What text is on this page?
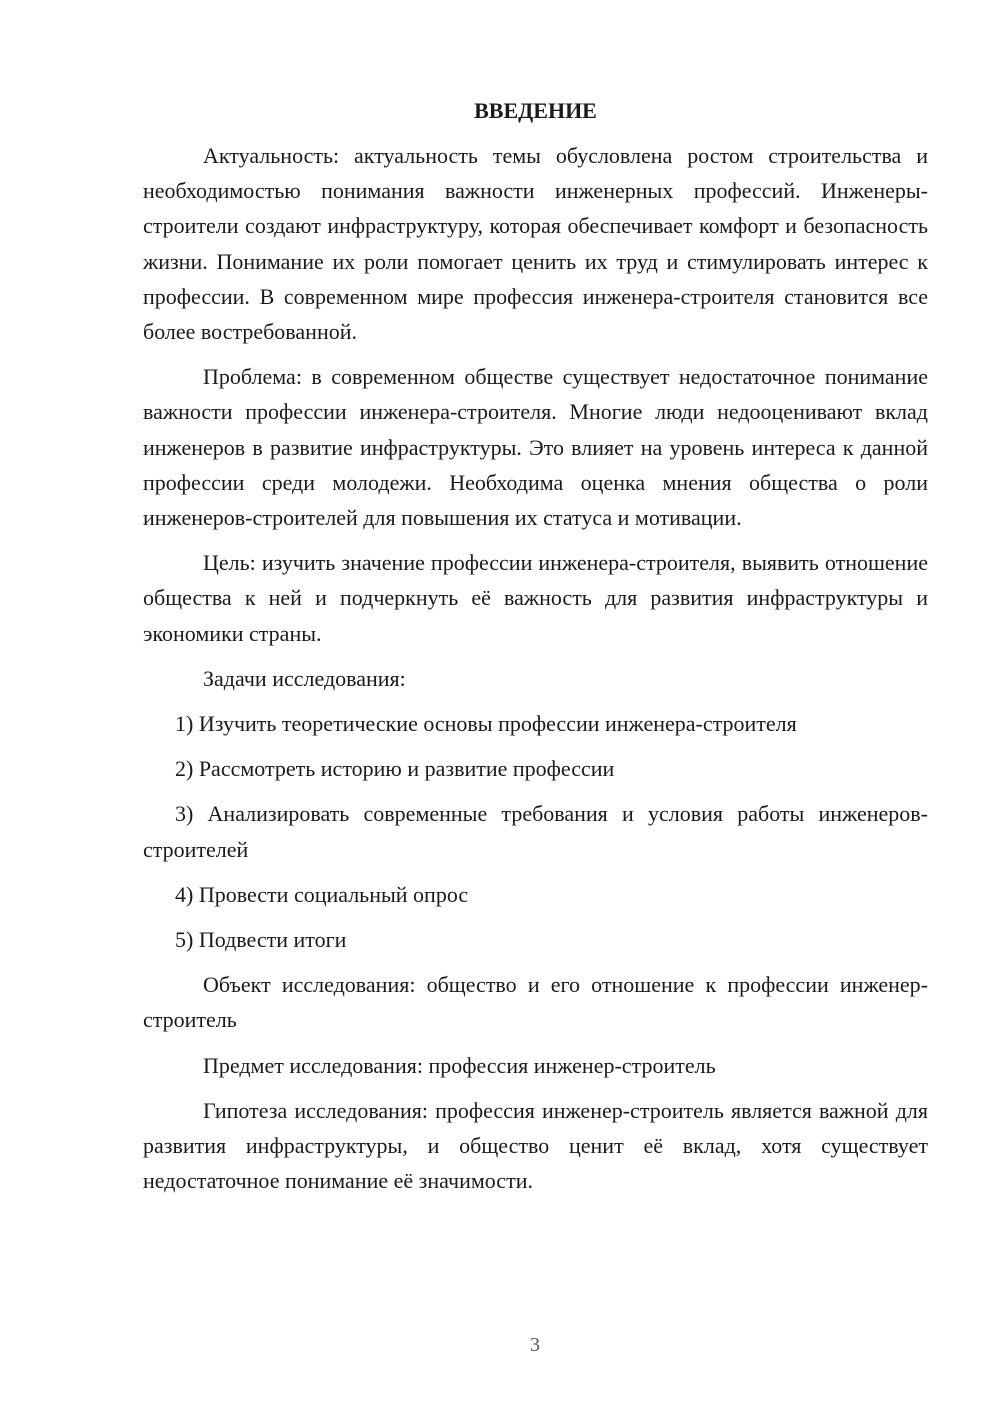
ВВЕДЕНИЕ

Актуальность: актуальность темы обусловлена ростом строительства и необходимостью понимания важности инженерных профессий. Инженеры-строители создают инфраструктуру, которая обеспечивает комфорт и безопасность жизни. Понимание их роли помогает ценить их труд и стимулировать интерес к профессии. В современном мире профессия инженера-строителя становится все более востребованной.

Проблема: в современном обществе существует недостаточное понимание важности профессии инженера-строителя. Многие люди недооценивают вклад инженеров в развитие инфраструктуры. Это влияет на уровень интереса к данной профессии среди молодежи. Необходима оценка мнения общества о роли инженеров-строителей для повышения их статуса и мотивации.

Цель: изучить значение профессии инженера-строителя, выявить отношение общества к ней и подчеркнуть её важность для развития инфраструктуры и экономики страны.

Задачи исследования:

1) Изучить теоретические основы профессии инженера-строителя

2) Рассмотреть историю и развитие профессии

3) Анализировать современные требования и условия работы инженеров-строителей

4) Провести социальный опрос

5) Подвести итоги

Объект исследования: общество и его отношение к профессии инженер-строитель

Предмет исследования: профессия инженер-строитель

Гипотеза исследования: профессия инженер-строитель является важной для развития инфраструктуры, и общество ценит её вклад, хотя существует недостаточное понимание её значимости.

3
